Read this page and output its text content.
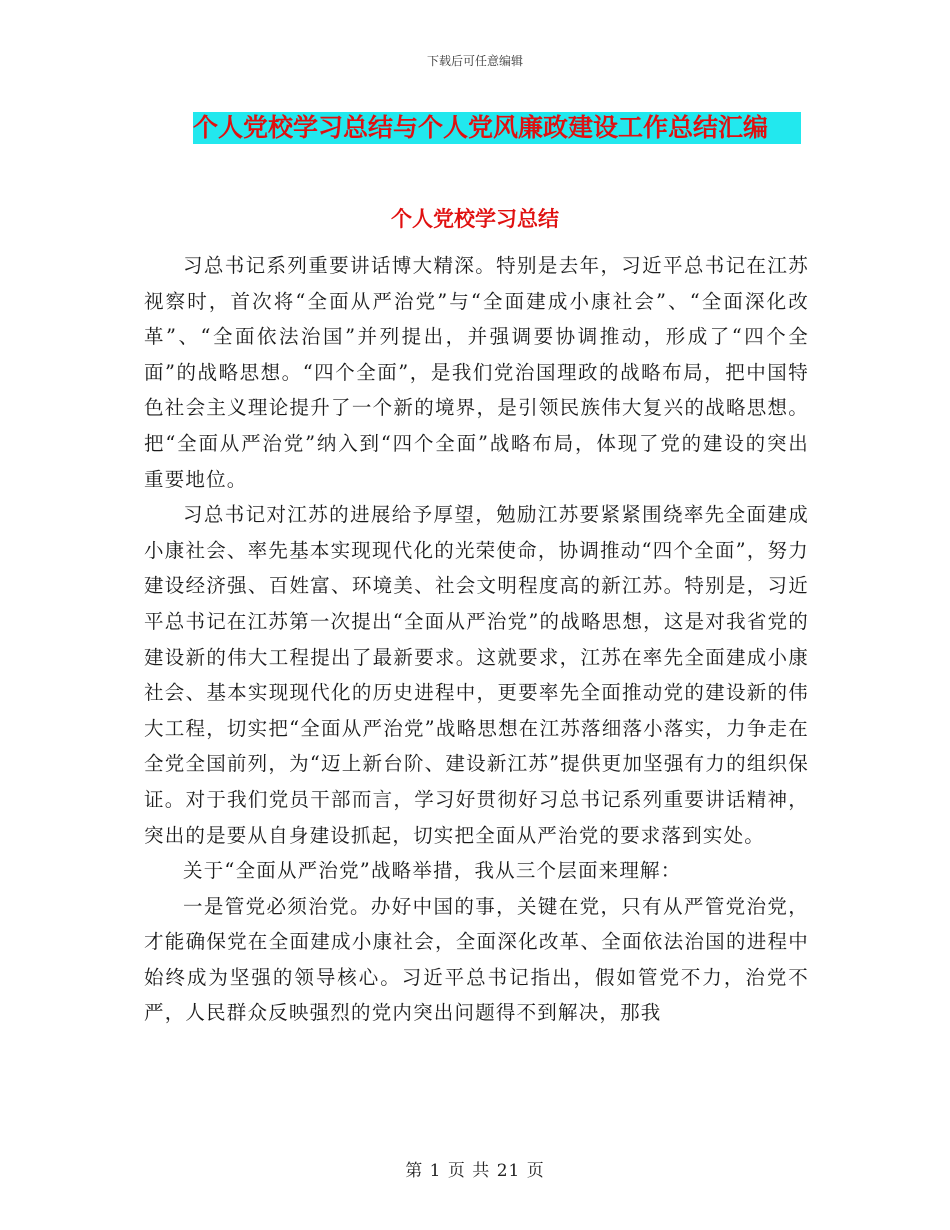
下载后可任意编辑
个人党校学习总结与个人党风廉政建设工作总结汇编
个人党校学习总结

习总书记系列重要讲话博大精深。特别是去年，习近平总书记在江苏视察时，首次将“全面从严治党”与“全面建成小康社会”、“全面深化改革”、“全面依法治国”并列提出，并强调要协调推动，形成了“四个全面”的战略思想。“四个全面”，是我们党治国理政的战略布局，把中国特色社会主义理论提升了一个新的境界，是引领民族伟大复兴的战略思想。把“全面从严治党”纳入到“四个全面”战略布局，体现了党的建设的突出重要地位。

习总书记对江苏的进展给予厚望，勉励江苏要紧紧围绕率先全面建成小康社会、率先基本实现现代化的光荣使命，协调推动“四个全面”，努力建设经济强、百姓富、环境美、社会文明程度高的新江苏。特别是，习近平总书记在江苏第一次提出“全面从严治党”的战略思想，这是对我省党的建设新的伟大工程提出了最新要求。这就要求，江苏在率先全面建成小康社会、基本实现现代化的历史进程中，更要率先全面推动党的建设新的伟大工程，切实把“全面从严治党”战略思想在江苏落细落小落实，力争走在全党全国前列，为“迈上新台阶、建设新江苏”提供更加坚强有力的组织保证。对于我们党员干部而言，学习好贯彻好习总书记系列重要讲话精神，突出的是要从自身建设抓起，切实把全面从严治党的要求落到实处。

关于“全面从严治党”战略举措，我从三个层面来理解：

一是管党必须治党。办好中国的事，关键在党，只有从严管党治党，才能确保党在全面建成小康社会，全面深化改革、全面依法治国的进程中始终成为坚强的领导核心。习近平总书记指出，假如管党不力，治党不严，人民群众反映强烈的党内突出问题得不到解决，那我

第 1 页 共 21 页
